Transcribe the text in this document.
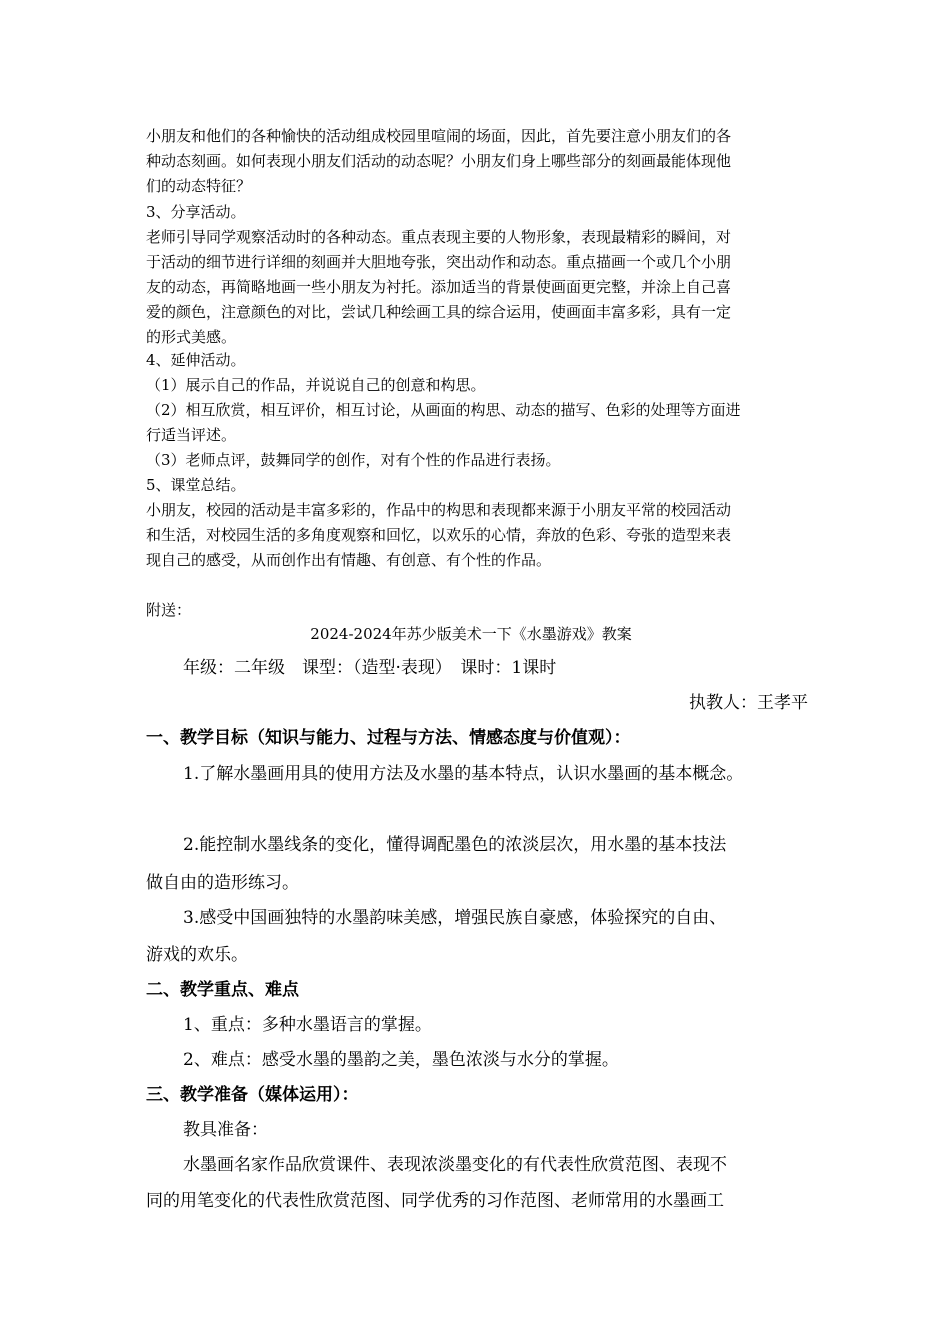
小朋友和他们的各种愉快的活动组成校园里喧闹的场面，因此，首先要注意小朋友们的各
种动态刻画。如何表现小朋友们活动的动态呢？小朋友们身上哪些部分的刻画最能体现他
们的动态特征？
3、分享活动。
老师引导同学观察活动时的各种动态。重点表现主要的人物形象，表现最精彩的瞬间，对
于活动的细节进行详细的刻画并大胆地夸张，突出动作和动态。重点描画一个或几个小朋
友的动态，再简略地画一些小朋友为衬托。添加适当的背景使画面更完整，并涂上自己喜
爱的颜色，注意颜色的对比，尝试几种绘画工具的综合运用，使画面丰富多彩，具有一定
的形式美感。
4、延伸活动。
（1）展示自己的作品，并说说自己的创意和构思。
（2）相互欣赏，相互评价，相互讨论，从画面的构思、动态的描写、色彩的处理等方面进
行适当评述。
（3）老师点评，鼓舞同学的创作，对有个性的作品进行表扬。
5、课堂总结。
小朋友，校园的活动是丰富多彩的，作品中的构思和表现都来源于小朋友平常的校园活动
和生活，对校园生活的多角度观察和回忆，以欢乐的心情，奔放的色彩、夸张的造型来表
现自己的感受，从而创作出有情趣、有创意、有个性的作品。
附送：
2024-2024年苏少版美术一下《水墨游戏》教案
年级：二年级　课型：（造型·表现）　课时：1课时
执教人：王孝平
一、教学目标（知识与能力、过程与方法、情感态度与价值观）：
1.了解水墨画用具的使用方法及水墨的基本特点，认识水墨画的基本概念。
2.能控制水墨线条的变化，懂得调配墨色的浓淡层次，用水墨的基本技法
做自由的造形练习。
3.感受中国画独特的水墨韵味美感，增强民族自豪感，体验探究的自由、
游戏的欢乐。
二、教学重点、难点
1、重点：多种水墨语言的掌握。
2、难点：感受水墨的墨韵之美，墨色浓淡与水分的掌握。
三、教学准备（媒体运用）：
教具准备：
水墨画名家作品欣赏课件、表现浓淡墨变化的有代表性欣赏范图、表现不
同的用笔变化的代表性欣赏范图、同学优秀的习作范图、老师常用的水墨画工
